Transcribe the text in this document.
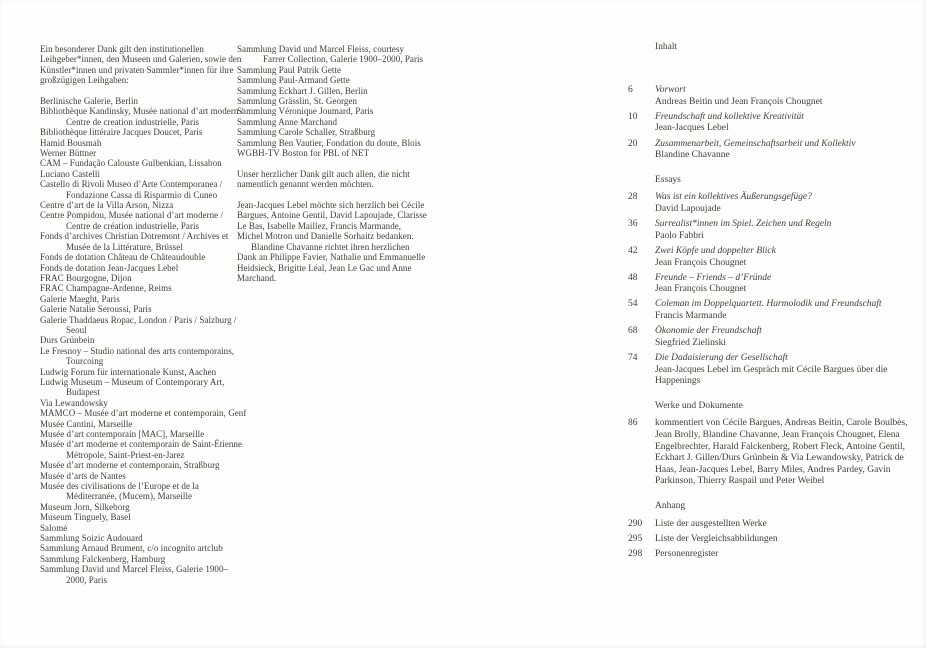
Ein besonderer Dank gilt den institutionellen Leihgeber*innen, den Museen und Galerien, sowie den Künstler*innen und privaten Sammler*innen für ihre großzügigen Leihgaben:

Berlinische Galerie, Berlin
Bibliothèque Kandinsky, Musée national d’art modern / Centre de creation industrielle, Paris
Bibliothèque littéraire Jacques Doucet, Paris
Hamid Bousmah
Werner Büttner
CAM – Fundação Calouste Gulbenkian, Lissabon
Luciano Castelli
Castello di Rivoli Museo d’Arte Contemporanea / Fondazione Cassa di Risparmio di Cuneo
Centre d’art de la Villa Arson, Nizza
Centre Pompidou, Musée national d’art moderne / Centre de création industrielle, Paris
Fonds d’archives Christian Dotremont / Archives et Musée de la Littérature, Brüssel
Fonds de dotation Château de Châteaudouble
Fonds de dotation Jean-Jacques Lebel
FRAC Bourgogne, Dijon
FRAC Champagne-Ardenne, Reims
Galerie Maeght, Paris
Galerie Natalie Seroussi, Paris
Galerie Thaddaeus Ropac, London / Paris / Salzburg / Seoul
Durs Grünbein
Le Fresnoy – Studio national des arts contemporains, Tourcoing
Ludwig Forum für internationale Kunst, Aachen
Ludwig Museum – Museum of Contemporary Art, Budapest
Via Lewandowsky
MAMCO – Musée d’art moderne et contemporain, Genf
Musée Cantini, Marseille
Musée d’art contemporain [MAC], Marseille
Musée d’art moderne et contemporain de Saint-Étienne Métropole, Saint-Priest-en-Jarez
Musée d’art moderne et contemporain, Straßburg
Musée d’arts de Nantes
Musée des civilisations de l’Europe et de la Méditerranée, (Mucem), Marseille
Museum Jorn, Silkeborg
Museum Tinguely, Basel
Salomé
Sammlung Soizic Audouard
Sammlung Arnaud Brument, c/o incognito artclub
Sammlung Falckenberg, Hamburg
Sammlung David und Marcel Fleiss, Galerie 1900–2000, Paris
Sammlung David und Marcel Fleiss, courtesy Farrer Collection, Galerie 1900–2000, Paris
Sammlung Paul Patrik Gette
Sammlung Paul-Armand Gette
Sammlung Eckhart J. Gillen, Berlin
Sammlung Grässlin, St. Georgen
Sammlung Véronique Joumard, Paris
Sammlung Anne Marchand
Sammlung Carole Schaller, Straßburg
Sammlung Ben Vautier, Fondation du doute, Blois
WGBH-TV Boston for PBL of NET

Unser herzlicher Dank gilt auch allen, die nicht namentlich genannt werden möchten.

Jean-Jacques Lebel möchte sich herzlich bei Cécile Bargues, Antoine Gentil, David Lapoujade, Clarisse Le Bas, Isabelle Maillez, Francis Marmande, Michel Motron und Danielle Sorhaitz bedanken.

Blandine Chavanne richtet ihren herzlichen Dank an Philippe Favier, Nathalie und Emmanuelle Heidsieck, Brigitte Léal, Jean Le Gac und Anne Marchand.

Inhalt
6	Vorwort
Andreas Beitin und Jean François Chougnet
10	Freundschaft und kollektive Kreativität
Jean-Jacques Lebel
20	Zusammenarbeit, Gemeinschaftsarbeit und Kollektiv
Blandine Chavanne
Essays
28	Was ist ein kollektives Äußerungsgefüge?
David Lapoujade
36	Surrealist*innen im Spiel. Zeichen und Regeln
Paolo Fabbri
42	Zwei Köpfe und doppelter Blick
Jean François Chougnet
48	Freunde – Friends – d’Fründe
Jean François Chougnet
54	Coleman im Doppelquartett. Harmolodik und Freundschaft
Francis Marmande
68	Ökonomie der Freundschaft
Siegfried Zielinski
74	Die Dadaisierung der Gesellschaft
Jean-Jacques Lebel im Gespräch mit Cécile Bargues über die Happenings
Werke und Dokumente
86	kommentiert von Cécile Bargues, Andreas Beitin, Carole Boulbès, Jean Brolly, Blandine Chavanne, Jean François Chougnet, Elena Engelbrechter, Harald Falckenberg, Robert Fleck, Antoine Gentil, Eckhart J. Gillen/Durs Grünbein & Via Lewandowsky, Patrick de Haas, Jean-Jacques Lebel, Barry Miles, Andres Pardey, Gavin Parkinson, Thierry Raspail und Peter Weibel
Anhang
290	Liste der ausgestellten Werke
295	Liste der Vergleichsabbildungen
298	Personenregister
